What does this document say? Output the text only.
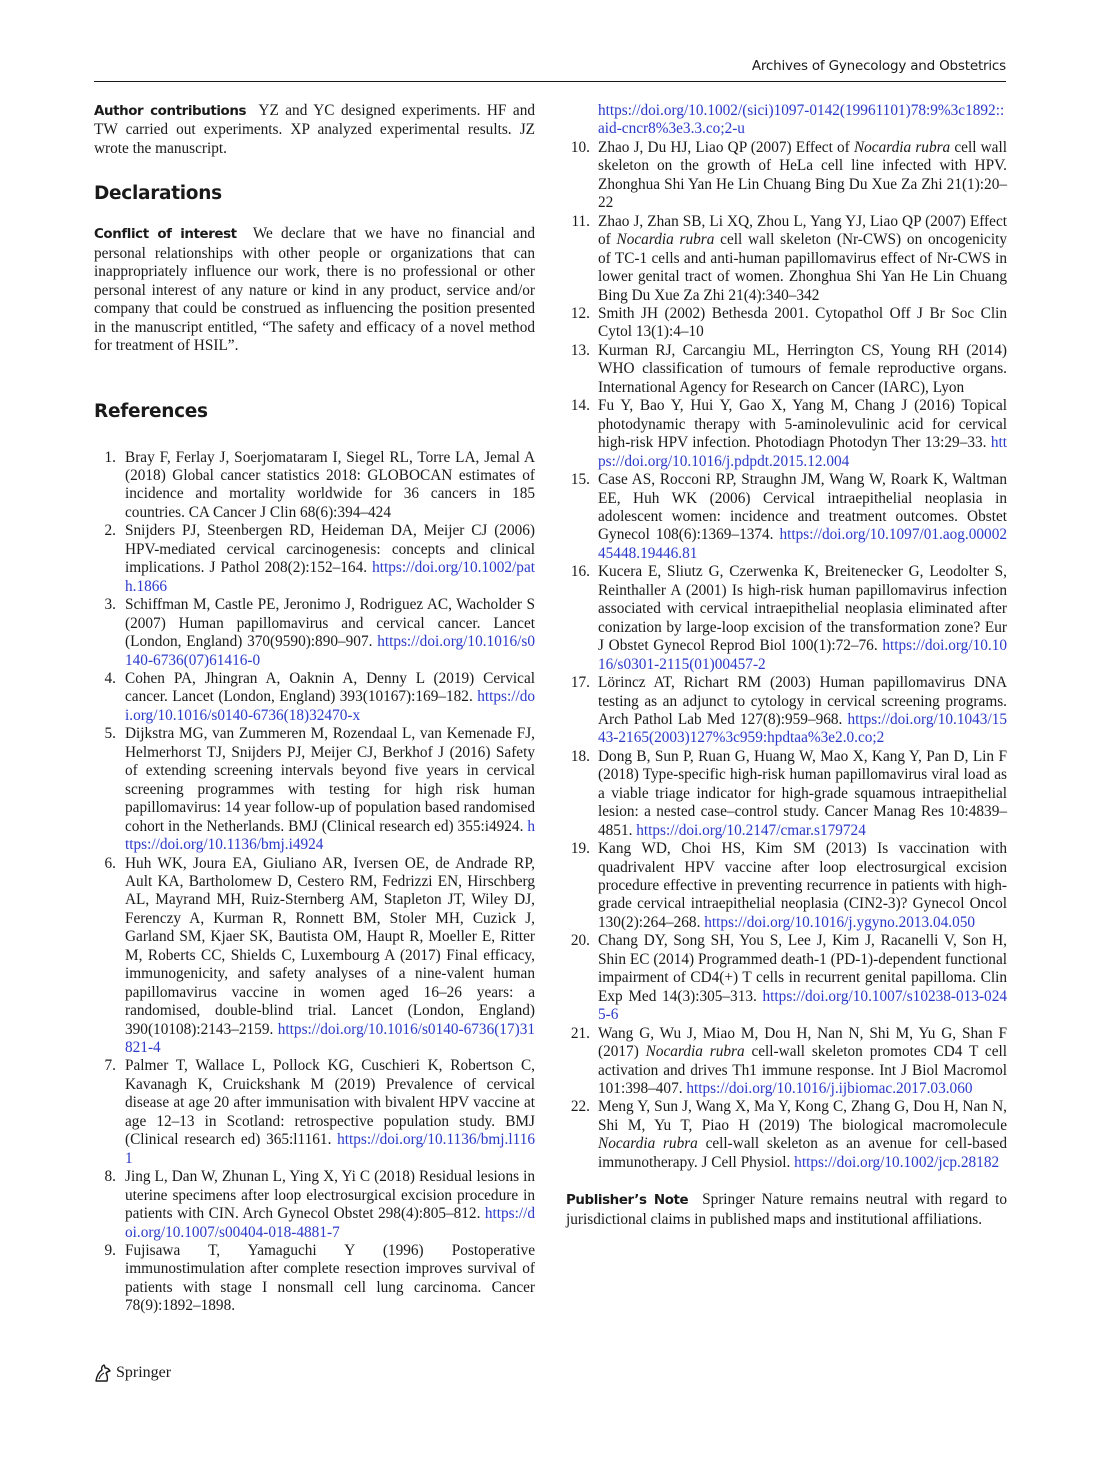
Archives of Gynecology and Obstetrics

Author contributions YZ and YC designed experiments. HF and TW carried out experiments. XP analyzed experimental results. JZ wrote the manuscript.

Declarations

Conflict of interest We declare that we have no financial and personal relationships with other people or organizations that can inappropriately influence our work, there is no professional or other personal interest of any nature or kind in any product, service and/or company that could be construed as influencing the position presented in the manuscript entitled, “The safety and efficacy of a novel method for treatment of HSIL”.

References
1. Bray F, Ferlay J, Soerjomataram I, Siegel RL, Torre LA, Jemal A (2018) Global cancer statistics 2018: GLOBOCAN estimates of incidence and mortality worldwide for 36 cancers in 185 countries. CA Cancer J Clin 68(6):394–424
2. Snijders PJ, Steenbergen RD, Heideman DA, Meijer CJ (2006) HPV-mediated cervical carcinogenesis: concepts and clinical implications. J Pathol 208(2):152–164. https://doi.org/10.1002/path.1866
3. Schiffman M, Castle PE, Jeronimo J, Rodriguez AC, Wacholder S (2007) Human papillomavirus and cervical cancer. Lancet (London, England) 370(9590):890–907. https://doi.org/10.1016/s0140-6736(07)61416-0
4. Cohen PA, Jhingran A, Oaknin A, Denny L (2019) Cervical cancer. Lancet (London, England) 393(10167):169–182. https://doi.org/10.1016/s0140-6736(18)32470-x
5. Dijkstra MG, van Zummeren M, Rozendaal L, van Kemenade FJ, Helmerhorst TJ, Snijders PJ, Meijer CJ, Berkhof J (2016) Safety of extending screening intervals beyond five years in cervical screening programmes with testing for high risk human papillomavirus: 14 year follow-up of population based randomised cohort in the Netherlands. BMJ (Clinical research ed) 355:i4924. https://doi.org/10.1136/bmj.i4924
6. Huh WK, Joura EA, Giuliano AR, Iversen OE, de Andrade RP, Ault KA, Bartholomew D, Cestero RM, Fedrizzi EN, Hirschberg AL, Mayrand MH, Ruiz-Sternberg AM, Stapleton JT, Wiley DJ, Ferenczy A, Kurman R, Ronnett BM, Stoler MH, Cuzick J, Garland SM, Kjaer SK, Bautista OM, Haupt R, Moeller E, Ritter M, Roberts CC, Shields C, Luxembourg A (2017) Final efficacy, immunogenicity, and safety analyses of a nine-valent human papillomavirus vaccine in women aged 16–26 years: a randomised, double-blind trial. Lancet (London, England) 390(10108):2143–2159. https://doi.org/10.1016/s0140-6736(17)31821-4
7. Palmer T, Wallace L, Pollock KG, Cuschieri K, Robertson C, Kavanagh K, Cruickshank M (2019) Prevalence of cervical disease at age 20 after immunisation with bivalent HPV vaccine at age 12–13 in Scotland: retrospective population study. BMJ (Clinical research ed) 365:l1161. https://doi.org/10.1136/bmj.l1161
8. Jing L, Dan W, Zhunan L, Ying X, Yi C (2018) Residual lesions in uterine specimens after loop electrosurgical excision procedure in patients with CIN. Arch Gynecol Obstet 298(4):805–812. https://doi.org/10.1007/s00404-018-4881-7
9. Fujisawa T, Yamaguchi Y (1996) Postoperative immunostimulation after complete resection improves survival of patients with stage I nonsmall cell lung carcinoma. Cancer 78(9):1892–1898.
https://doi.org/10.1002/(sici)1097-0142(19961101)78:9%3c1892::aid-cncr8%3e3.3.co;2-u
10. Zhao J, Du HJ, Liao QP (2007) Effect of Nocardia rubra cell wall skeleton on the growth of HeLa cell line infected with HPV. Zhonghua Shi Yan He Lin Chuang Bing Du Xue Za Zhi 21(1):20–22
11. Zhao J, Zhan SB, Li XQ, Zhou L, Yang YJ, Liao QP (2007) Effect of Nocardia rubra cell wall skeleton (Nr-CWS) on oncogenicity of TC-1 cells and anti-human papillomavirus effect of Nr-CWS in lower genital tract of women. Zhonghua Shi Yan He Lin Chuang Bing Du Xue Za Zhi 21(4):340–342
12. Smith JH (2002) Bethesda 2001. Cytopathol Off J Br Soc Clin Cytol 13(1):4–10
13. Kurman RJ, Carcangiu ML, Herrington CS, Young RH (2014) WHO classification of tumours of female reproductive organs. International Agency for Research on Cancer (IARC), Lyon
14. Fu Y, Bao Y, Hui Y, Gao X, Yang M, Chang J (2016) Topical photodynamic therapy with 5-aminolevulinic acid for cervical high-risk HPV infection. Photodiagn Photodyn Ther 13:29–33. https://doi.org/10.1016/j.pdpdt.2015.12.004
15. Case AS, Rocconi RP, Straughn JM, Wang W, Roark K, Waltman EE, Huh WK (2006) Cervical intraepithelial neoplasia in adolescent women: incidence and treatment outcomes. Obstet Gynecol 108(6):1369–1374. https://doi.org/10.1097/01.aog.0000245448.19446.81
16. Kucera E, Sliutz G, Czerwenka K, Breitenecker G, Leodolter S, Reinthaller A (2001) Is high-risk human papillomavirus infection associated with cervical intraepithelial neoplasia eliminated after conization by large-loop excision of the transformation zone? Eur J Obstet Gynecol Reprod Biol 100(1):72–76. https://doi.org/10.1016/s0301-2115(01)00457-2
17. Lörincz AT, Richart RM (2003) Human papillomavirus DNA testing as an adjunct to cytology in cervical screening programs. Arch Pathol Lab Med 127(8):959–968. https://doi.org/10.1043/1543-2165(2003)127%3c959:hpdtaa%3e2.0.co;2
18. Dong B, Sun P, Ruan G, Huang W, Mao X, Kang Y, Pan D, Lin F (2018) Type-specific high-risk human papillomavirus viral load as a viable triage indicator for high-grade squamous intraepithelial lesion: a nested case–control study. Cancer Manag Res 10:4839–4851. https://doi.org/10.2147/cmar.s179724
19. Kang WD, Choi HS, Kim SM (2013) Is vaccination with quadrivalent HPV vaccine after loop electrosurgical excision procedure effective in preventing recurrence in patients with high-grade cervical intraepithelial neoplasia (CIN2-3)? Gynecol Oncol 130(2):264–268. https://doi.org/10.1016/j.ygyno.2013.04.050
20. Chang DY, Song SH, You S, Lee J, Kim J, Racanelli V, Son H, Shin EC (2014) Programmed death-1 (PD-1)-dependent functional impairment of CD4(+) T cells in recurrent genital papilloma. Clin Exp Med 14(3):305–313. https://doi.org/10.1007/s10238-013-0245-6
21. Wang G, Wu J, Miao M, Dou H, Nan N, Shi M, Yu G, Shan F (2017) Nocardia rubra cell-wall skeleton promotes CD4 T cell activation and drives Th1 immune response. Int J Biol Macromol 101:398–407. https://doi.org/10.1016/j.ijbiomac.2017.03.060
22. Meng Y, Sun J, Wang X, Ma Y, Kong C, Zhang G, Dou H, Nan N, Shi M, Yu T, Piao H (2019) The biological macromolecule Nocardia rubra cell-wall skeleton as an avenue for cell-based immunotherapy. J Cell Physiol. https://doi.org/10.1002/jcp.28182

Publisher’s Note Springer Nature remains neutral with regard to jurisdictional claims in published maps and institutional affiliations.

Springer
